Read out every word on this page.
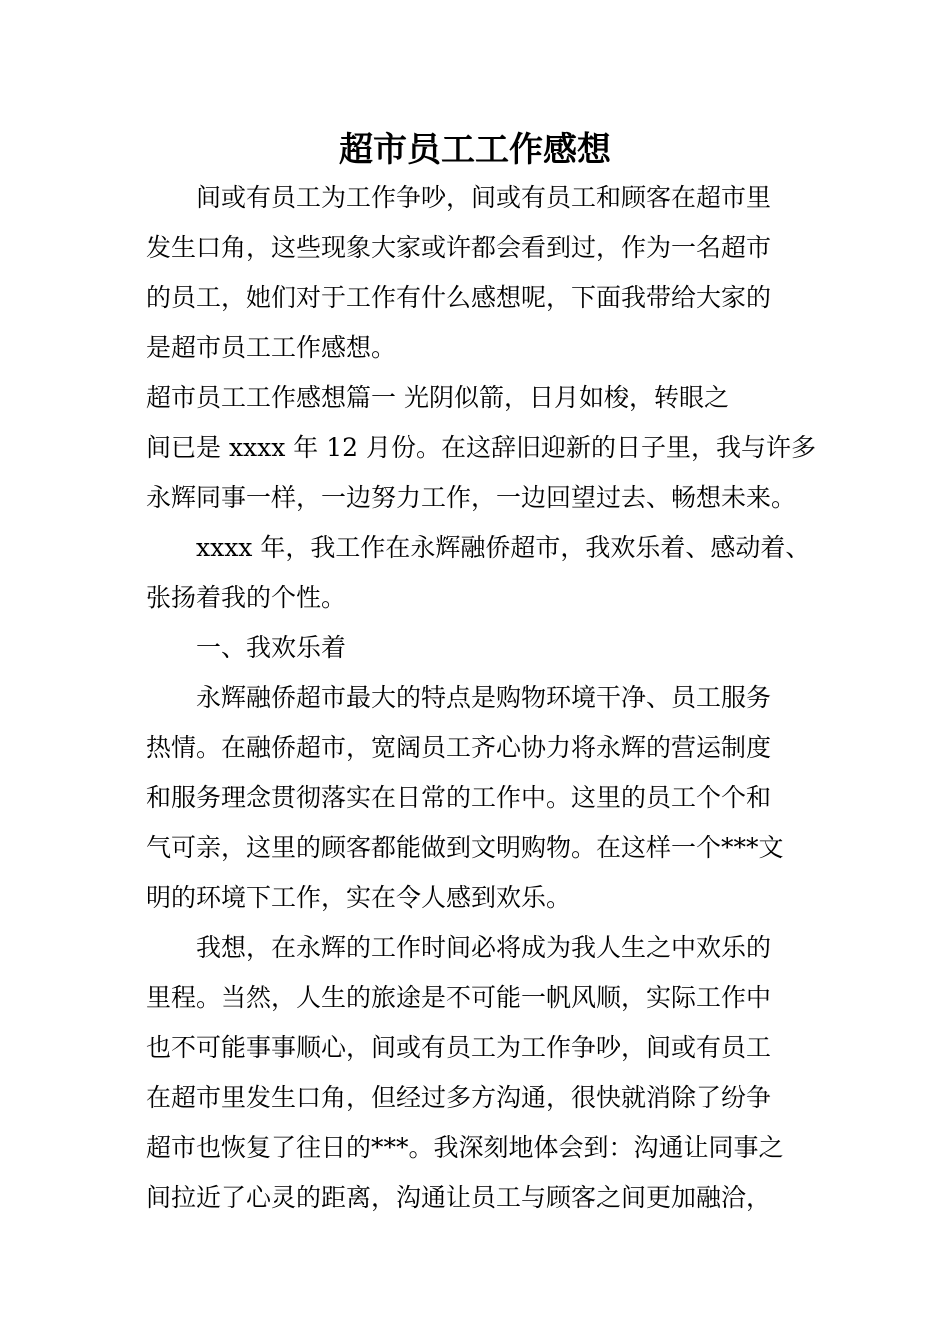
超市员工工作感想

间或有员工为工作争吵，间或有员工和顾客在超市里

发生口角，这些现象大家或许都会看到过，作为一名超市

的员工，她们对于工作有什么感想呢，下面我带给大家的

是超市员工工作感想。

超市员工工作感想篇一 光阴似箭，日月如梭，转眼之

间已是 xxxx 年 12 月份。在这辞旧迎新的日子里，我与许多

永辉同事一样，一边努力工作，一边回望过去、畅想未来。

xxxx 年，我工作在永辉融侨超市，我欢乐着、感动着、

张扬着我的个性。

一、我欢乐着

永辉融侨超市最大的特点是购物环境干净、员工服务

热情。在融侨超市，宽阔员工齐心协力将永辉的营运制度

和服务理念贯彻落实在日常的工作中。这里的员工个个和

气可亲，这里的顾客都能做到文明购物。在这样一个***文

明的环境下工作，实在令人感到欢乐。

我想，在永辉的工作时间必将成为我人生之中欢乐的

里程。当然，人生的旅途是不可能一帆风顺，实际工作中

也不可能事事顺心，间或有员工为工作争吵，间或有员工

在超市里发生口角，但经过多方沟通，很快就消除了纷争

超市也恢复了往日的***。我深刻地体会到：沟通让同事之

间拉近了心灵的距离，沟通让员工与顾客之间更加融洽，
